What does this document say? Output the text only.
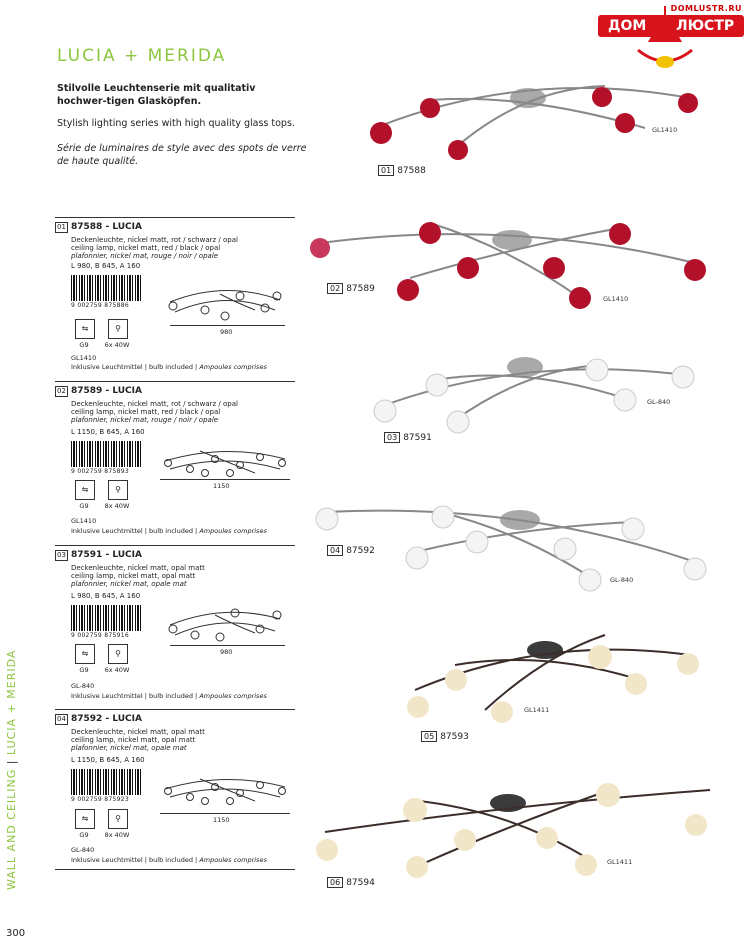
DOMLUSTR.RU
ДОМ ЛЮСТР
LUCIA + MERIDA
Stilvolle Leuchtenserie mit qualitativ hochwer-tigen Glasköpfen.
Stylish lighting series with high quality glass tops.
Série de luminaires de style avec des spots de verre de haute qualité.
WALL AND CEILING | LUCIA + MERIDA
300
01 87588 - LUCIA
Deckenleuchte, nickel matt, rot / schwarz / opal
ceiling lamp, nickel matt, red / black / opal
plafonnier, nickel mat, rouge / noir / opale
L 980, B 645, A 160
9 002759 875886
980
⇋	⚲
G9	6x 40W
GL1410
Inklusive Leuchtmittel | bulb included | Ampoules comprises
02 87589 - LUCIA
Deckenleuchte, nickel matt, rot / schwarz / opal
ceiling lamp, nickel matt, red / black / opal
plafonnier, nickel mat, rouge / noir / opale
L 1150, B 645, A 160
9 002759 875893
1150
⇋	⚲
G9	8x 40W
GL1410
Inklusive Leuchtmittel | bulb included | Ampoules comprises
03 87591 - LUCIA
Deckenleuchte, nickel matt, opal matt
ceiling lamp, nickel matt, opal matt
plafonnier, nickel mat, opale mat
L 980, B 645, A 160
9 002759 875916
980
⇋	⚲
G9	6x 40W
GL-840
Inklusive Leuchtmittel | bulb included | Ampoules comprises
04 87592 - LUCIA
Deckenleuchte, nickel matt, opal matt
ceiling lamp, nickel matt, opal matt
plafonnier, nickel mat, opale mat
L 1150, B 645, A 160
9 002759 875923
1150
⇋	⚲
G9	8x 40W
GL-840
Inklusive Leuchtmittel | bulb included | Ampoules comprises
GL1410
01 87588
GL1410
02 87589
GL-840
03 87591
GL-840
04 87592
GL1411
05 87593
GL1411
06 87594
